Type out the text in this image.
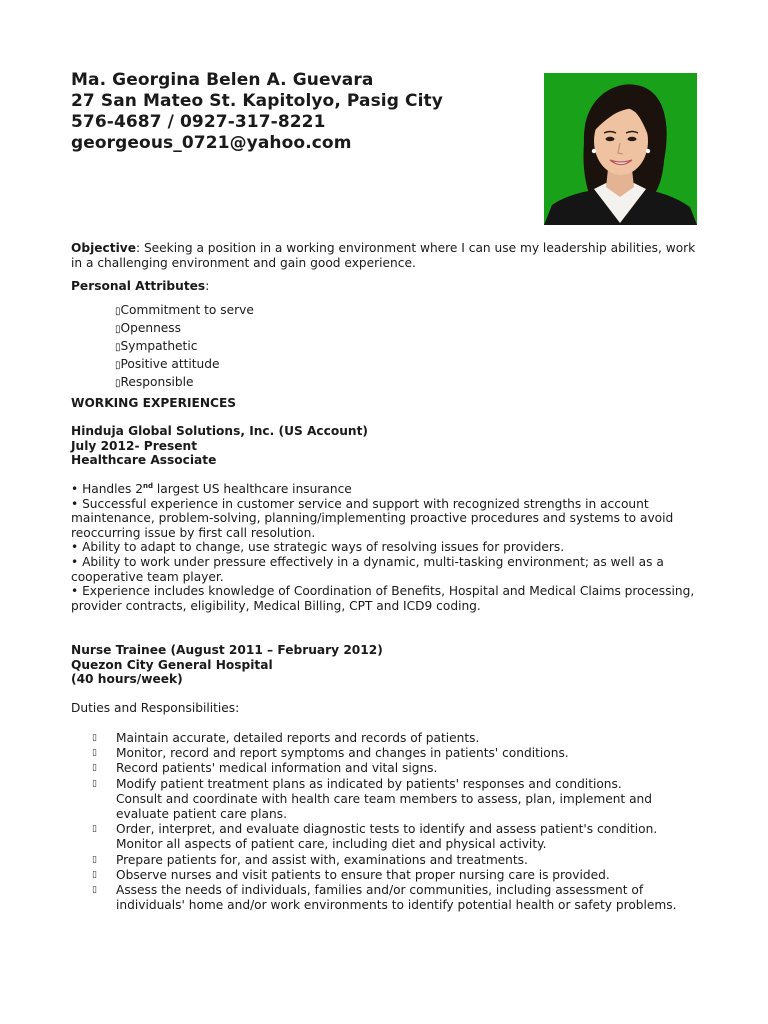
Ma. Georgina Belen A. Guevara
27 San Mateo St. Kapitolyo, Pasig City
576-4687 / 0927-317-8221
georgeous_0721@yahoo.com
Objective: Seeking a position in a working environment where I can use my leadership abilities, work in a challenging environment and gain good experience.
Personal Attributes:
▯Commitment to serve
▯Openness
▯Sympathetic
▯Positive attitude
▯Responsible
WORKING EXPERIENCES
Hinduja Global Solutions, Inc. (US Account)
July 2012- Present
Healthcare Associate

• Handles 2nd largest US healthcare insurance

• Successful experience in customer service and support with recognized strengths in account maintenance, problem-solving, planning/implementing proactive procedures and systems to avoid reoccurring issue by first call resolution.

• Ability to adapt to change, use strategic ways of resolving issues for providers.

• Ability to work under pressure effectively in a dynamic, multi-tasking environment; as well as a cooperative team player.

• Experience includes knowledge of Coordination of Benefits, Hospital and Medical Claims processing, provider contracts, eligibility, Medical Billing, CPT and ICD9 coding.

Nurse Trainee (August 2011 – February 2012)
Quezon City General Hospital
(40 hours/week)
Duties and Responsibilities:
▯ Maintain accurate, detailed reports and records of patients.
▯ Monitor, record and report symptoms and changes in patients' conditions.
▯ Record patients' medical information and vital signs.
▯ Modify patient treatment plans as indicated by patients' responses and conditions.
Consult and coordinate with health care team members to assess, plan, implement and evaluate patient care plans.
▯ Order, interpret, and evaluate diagnostic tests to identify and assess patient's condition.
Monitor all aspects of patient care, including diet and physical activity.
▯ Prepare patients for, and assist with, examinations and treatments.
▯ Observe nurses and visit patients to ensure that proper nursing care is provided.
▯ Assess the needs of individuals, families and/or communities, including assessment of individuals' home and/or work environments to identify potential health or safety problems.
